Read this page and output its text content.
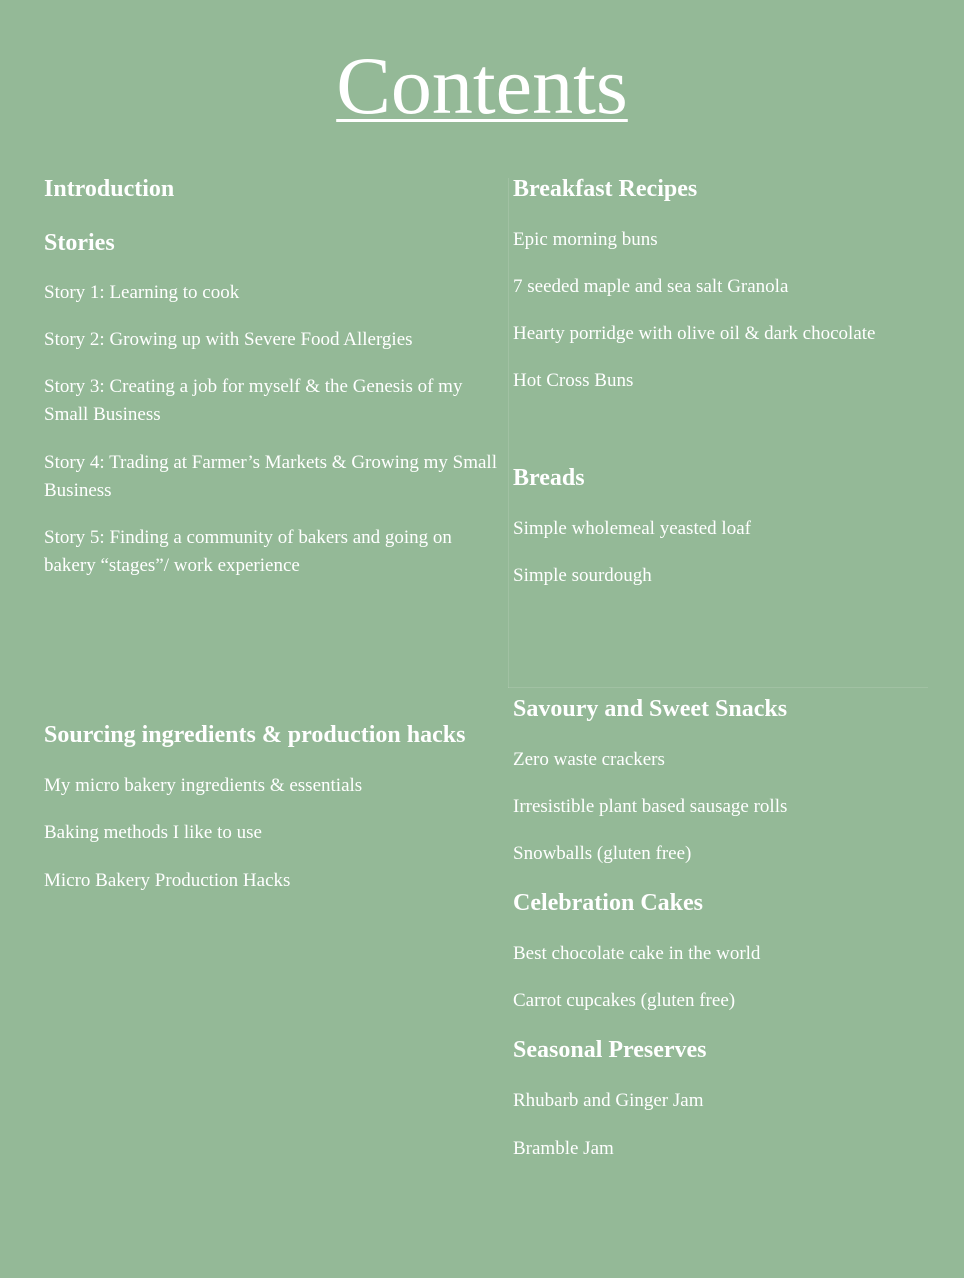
Contents
Introduction
Stories

Story 1: Learning to cook

Story 2: Growing up with Severe Food Allergies

Story 3: Creating a job for myself & the Genesis of my Small Business

Story 4: Trading at Farmer’s Markets & Growing my Small Business

Story 5: Finding a community of bakers and going on bakery “stages”/ work experience

Sourcing ingredients & production hacks

My micro bakery ingredients & essentials

Baking methods I like to use

Micro Bakery Production Hacks

Breakfast Recipes

Epic morning buns

7 seeded maple and sea salt Granola

Hearty porridge with olive oil & dark chocolate

Hot Cross Buns

Breads

Simple wholemeal yeasted loaf

Simple sourdough

Savoury and Sweet Snacks

Zero waste crackers

Irresistible plant based sausage rolls

Snowballs (gluten free)

Celebration Cakes

Best chocolate cake in the world

Carrot cupcakes (gluten free)

Seasonal Preserves

Rhubarb and Ginger Jam

Bramble Jam
